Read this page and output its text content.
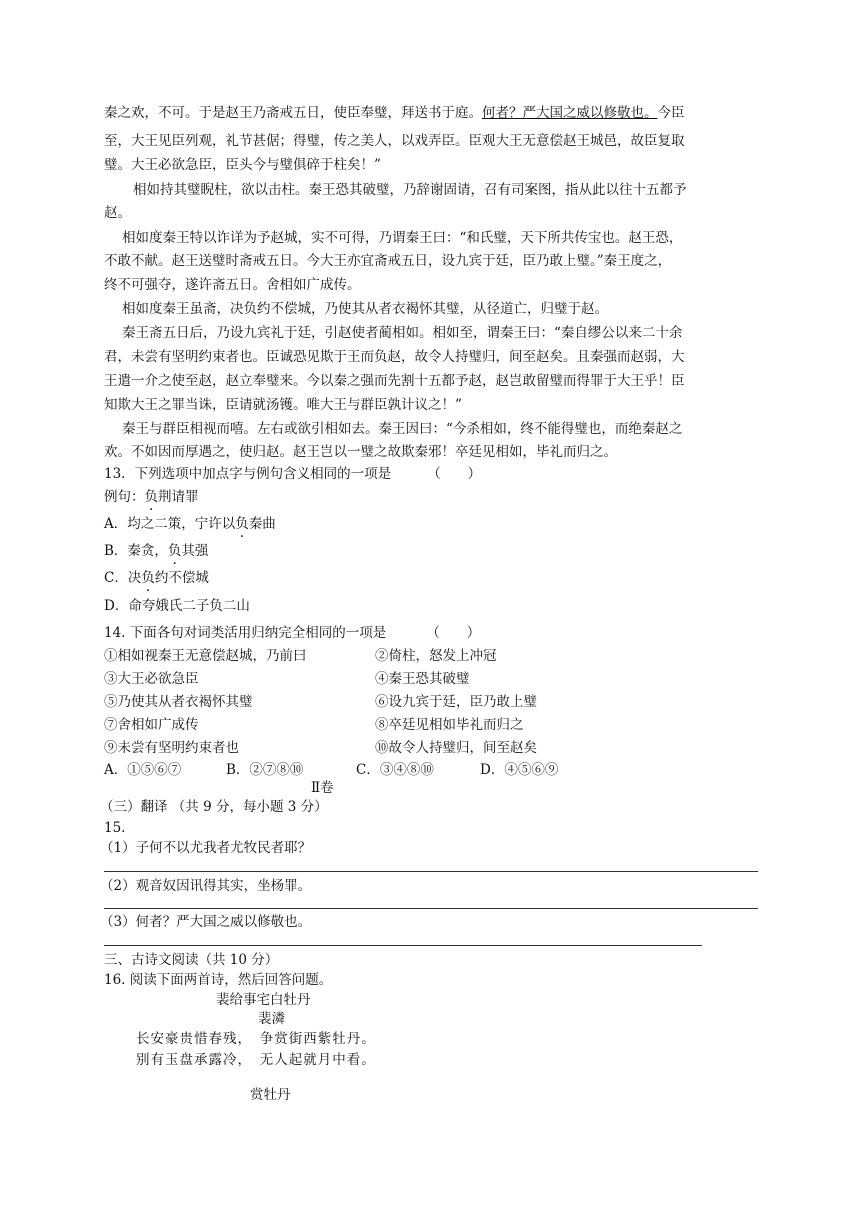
秦之欢，不可。于是赵王乃斋戒五日，使臣奉璧，拜送书于庭。何者？严大国之威以修敬也。今臣
至，大王见臣列观，礼节甚倨；得璧，传之美人，以戏弄臣。臣观大王无意偿赵王城邑，故臣复取
璧。大王必欲急臣，臣头今与璧俱碎于柱矣！”
相如持其璧睨柱，欲以击柱。秦王恐其破璧，乃辞谢固请，召有司案图，指从此以往十五都予
赵。
相如度秦王特以诈详为予赵城，实不可得，乃谓秦王曰：“和氏璧，天下所共传宝也。赵王恐，
不敢不献。赵王送璧时斋戒五日。今大王亦宜斋戒五日，设九宾于廷，臣乃敢上璧。”秦王度之，
终不可强夺，遂许斋五日。舍相如广成传。
相如度秦王虽斋，决负约不偿城，乃使其从者衣褐怀其璧，从径道亡，归璧于赵。
秦王斋五日后，乃设九宾礼于廷，引赵使者蔺相如。相如至，谓秦王曰：“秦自缪公以来二十余
君，未尝有坚明约束者也。臣诚恐见欺于王而负赵，故令人持璧归，间至赵矣。且秦强而赵弱，大
王遣一介之使至赵，赵立奉璧来。今以秦之强而先割十五都予赵，赵岂敢留璧而得罪于大王乎！臣
知欺大王之罪当诛，臣请就汤镬。唯大王与群臣孰计议之！”
秦王与群臣相视而嘻。左右或欲引相如去。秦王因曰：“今杀相如，终不能得璧也，而绝秦赵之
欢。不如因而厚遇之，使归赵。赵王岂以一璧之故欺秦邪！卒廷见相如，毕礼而归之。
13．下列选项中加点字与例句含义相同的一项是	（　　）
例句：负荆请罪
A．均之二策，宁许以负秦曲
B．秦贪，负其强
C．决负约不偿城
D．命夸娥氏二子负二山
14. 下面各句对词类活用归纳完全相同的一项是	（　　）
①相如视秦王无意偿赵城，乃前曰	②倚柱，怒发上冲冠
③大王必欲急臣	④秦王恐其破璧
⑤乃使其从者衣褐怀其璧	⑥设九宾于廷，臣乃敢上璧
⑦舍相如广成传	⑧卒廷见相如毕礼而归之
⑨未尝有坚明约束者也	⑩故令人持璧归，间至赵矣
A．①⑤⑥⑦	B．②⑦⑧⑩	C．③④⑧⑩	D．④⑤⑥⑨
Ⅱ卷
（三）翻译 （共 9 分，每小题 3 分）
15.
（1）子何不以尤我者尤牧民者耶？
（2）观音奴因讯得其实，坐杨罪。
（3）何者？严大国之威以修敬也。
三、古诗文阅读（共 10 分）
16. 阅读下面两首诗，然后回答问题。
裴给事宅白牡丹
裴潾
长安豪贵惜春残，　争赏街西紫牡丹。
别有玉盘承露冷，　无人起就月中看。
赏牡丹
